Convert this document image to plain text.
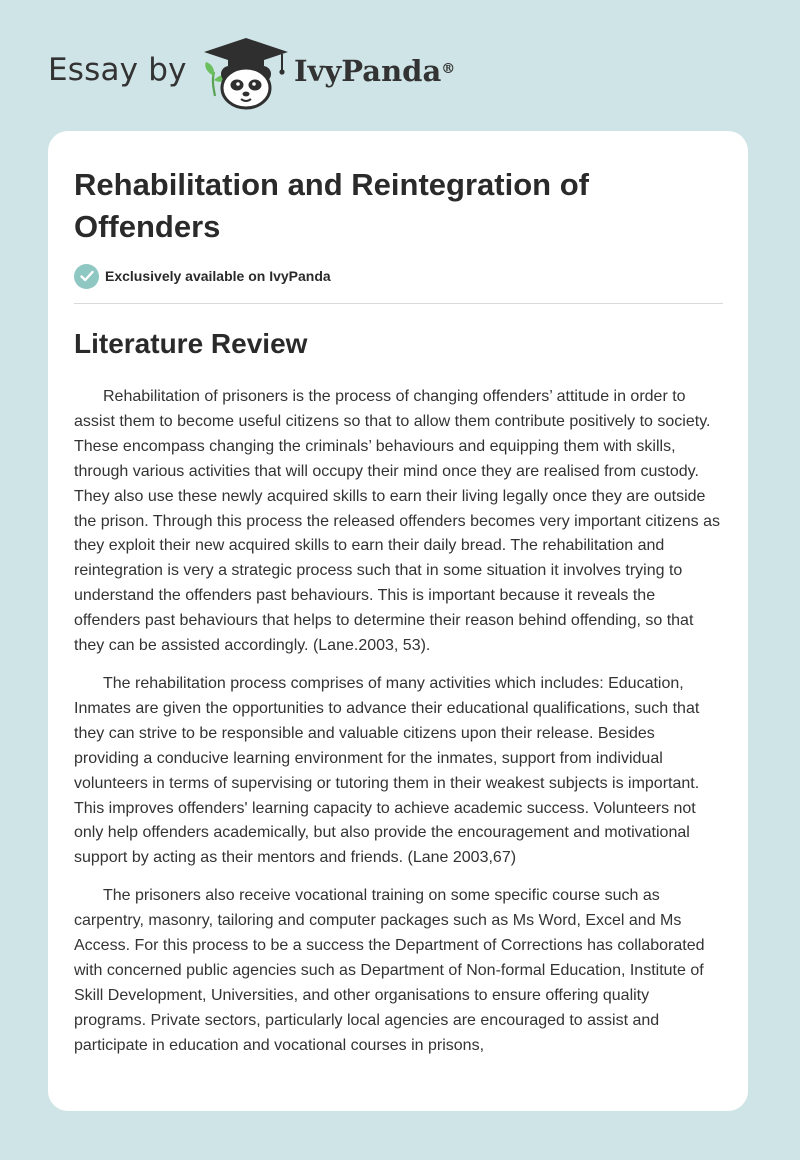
Essay by	IvyPanda®
Rehabilitation and Reintegration of Offenders
Exclusively available on IvyPanda
Literature Review

Rehabilitation of prisoners is the process of changing offenders’ attitude in order to assist them to become useful citizens so that to allow them contribute positively to society. These encompass changing the criminals’ behaviours and equipping them with skills, through various activities that will occupy their mind once they are realised from custody. They also use these newly acquired skills to earn their living legally once they are outside the prison. Through this process the released offenders becomes very important citizens as they exploit their new acquired skills to earn their daily bread. The rehabilitation and reintegration is very a strategic process such that in some situation it involves trying to understand the offenders past behaviours. This is important because it reveals the offenders past behaviours that helps to determine their reason behind offending, so that they can be assisted accordingly. (Lane.2003, 53).

The rehabilitation process comprises of many activities which includes: Education, Inmates are given the opportunities to advance their educational qualifications, such that they can strive to be responsible and valuable citizens upon their release. Besides providing a conducive learning environment for the inmates, support from individual volunteers in terms of supervising or tutoring them in their weakest subjects is important. This improves offenders' learning capacity to achieve academic success. Volunteers not only help offenders academically, but also provide the encouragement and motivational support by acting as their mentors and friends. (Lane 2003,67)

The prisoners also receive vocational training on some specific course such as carpentry, masonry, tailoring and computer packages such as Ms Word, Excel and Ms Access. For this process to be a success the Department of Corrections has collaborated with concerned public agencies such as Department of Non-formal Education, Institute of Skill Development, Universities, and other organisations to ensure offering quality programs. Private sectors, particularly local agencies are encouraged to assist and participate in education and vocational courses in prisons,
